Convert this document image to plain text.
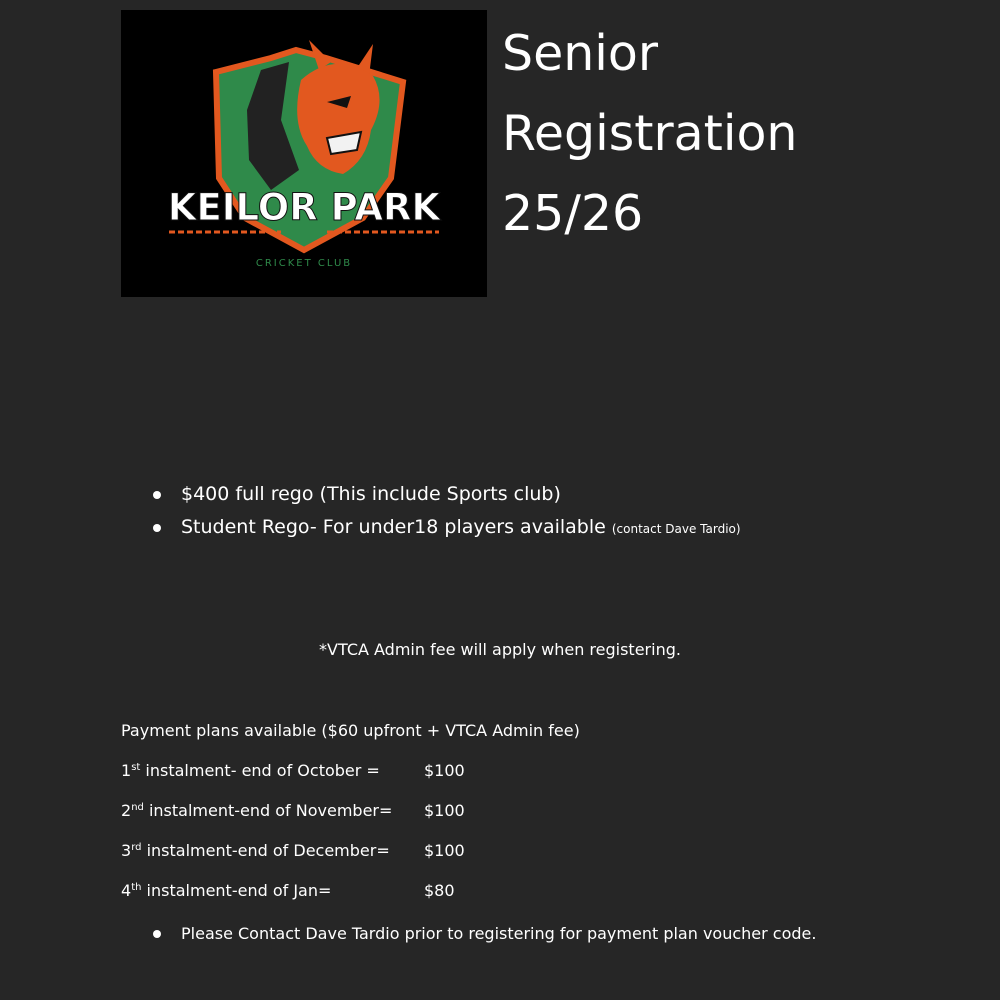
KEILOR PARK
CRICKET CLUB
Senior
Registration
25/26
$400 full rego (This include Sports club)
Student Rego- For under18 players available (contact Dave Tardio)
*VTCA Admin fee will apply when registering.
Payment plans available ($60 upfront + VTCA Admin fee)
1st instalment- end of October =	$100
2nd instalment-end of November= $100
3rd instalment-end of December= $100
4th instalment-end of Jan=	$80
Please Contact Dave Tardio prior to registering for payment plan voucher code.
